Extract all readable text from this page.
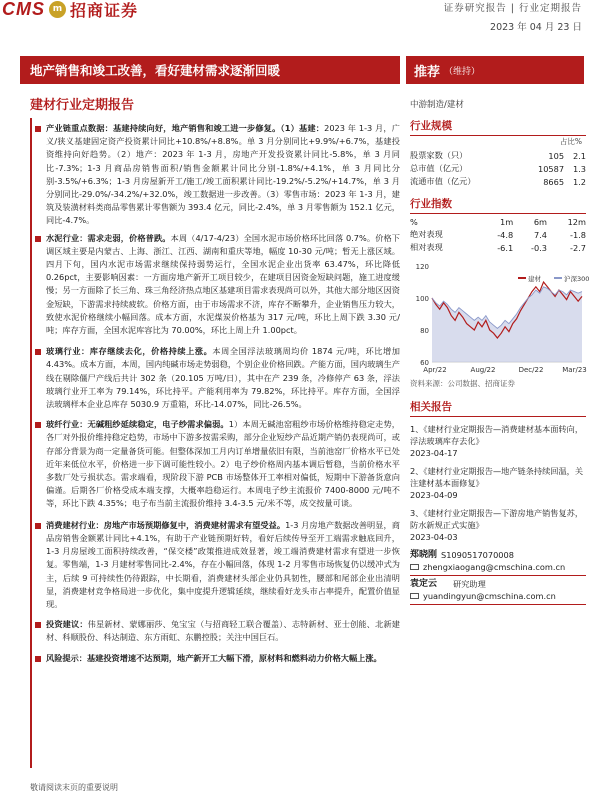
CMS m 招商证券	证券研究报告 | 行业定期报告
2023 年 04 月 23 日
地产销售和竣工改善，看好建材需求逐渐回暖	推荐 （维持）
建材行业定期报告	中游制造/建材
产业链重点数据：基建持续向好，地产销售和竣工进一步修复。（1）基建：2023 年 1-3 月，广义/狭义基建固定资产投资累计同比+10.8%/+8.8%。单 3 月分别同比+9.9%/+6.7%，基建投资维持向好趋势。（2）地产：2023 年 1-3 月，房地产开发投资累计同比-5.8%，单 3 月同比-7.3%；1-3 月商品房销售面积/销售金额累计同比分别-1.8%/+4.1%，单 3 月同比分别-3.5%/+6.3%；1-3 月房屋新开工/施工/竣工面积累计同比-19.2%/-5.2%/+14.7%，单 3 月分别同比-29.0%/-34.2%/+32.0%，竣工数据进一步改善。（3）零售市场：2023 年 1-3 月，建筑及装潢材料类商品零售累计零售额为 393.4 亿元，同比-2.4%，单 3 月零售额为 152.1 亿元，同比-4.7%。
水泥行业：需求走弱，价格普跌。本周（4/17-4/23）全国水泥市场价格环比回落 0.7%。价格下调区域主要是内蒙古、上海、浙江、江西、湖南和重庆等地，幅度 10-30 元/吨；暂无上涨区域。四月下旬，国内水泥市场需求继续保持弱势运行，全国水泥企业出货率 63.47%，环比降低 0.26pct，主要影响因素：一方面房地产新开工项目较少，在建项目因资金短缺问题，施工进度缓慢；另一方面除了长三角、珠三角经济热点地区基建项目需求表现尚可以外，其他大部分地区因资金短缺，下游需求持续疲软。价格方面，由于市场需求不济，库存不断攀升，企业销售压力较大，致使水泥价格继续小幅回落。成本方面，水泥煤炭价格基为 317 元/吨，环比上周下跌 3.30 元/吨；库存方面，全国水泥库容比为 70.00%，环比上周上升 1.00pct。
玻璃行业：库存继续去化，价格持续上涨。本周全国浮法玻璃周均价 1874 元/吨，环比增加 4.43%。成本方面，本周，国内纯碱市场走势弱稳，个别企业价格回跌。产能方面，国内玻璃生产线在剔除僵尸产线后共计 302 条（20.105 万吨/日），其中在产 239 条，冷修停产 63 条，浮法玻璃行业开工率为 79.14%，环比持平。产能利用率为 79.82%，环比持平。库存方面，全国浮法玻璃样本企业总库存 5030.9 万重箱，环比-14.07%，同比-26.5%。
玻纤行业：无碱粗纱延续稳定，电子纱需求偏弱。1）本周无碱池窑粗纱市场价格维持稳定走势，各厂对外报价维持稳定趋势，市场中下游多按需采购，部分企业短纱产品近期产销仍表现尚可，或存部分背景为商一定量备货可能。但整体深加工月内订单增量依旧有限，当前池窑厂价格水平已处近年来低位水平，价格进一步下调可能性较小。2）电子纱价格周内基本调后暂稳，当前价格水平多数厂处亏损状态。需求端看，现阶段下游 PCB 市场整体开工率相对偏低，短期中下游备货意向偏谨。后期各厂价格受成本端支撑，大概率趋稳运行。本周电子纱主流报价 7400-8000 元/吨不等，环比下跌 4.35%；电子布当前主流报价维持 3.4-3.5 元/米不等，成交按量可谈。
消费建材行业：房地产市场预期修复中，消费建材需求有望受益。1-3 月房地产数据改善明显，商品房销售金额累计同比+4.1%，有助于产业链预期好转，看好后续传导至开工端需求触底回升，1-3 月房屋竣工面积持续改善，“保交楼”政策推进成效显著，竣工端消费建材需求有望进一步恢复。零售端，1-3 月建材零售同比-2.4%，存在小幅回落，体现 1-2 月零售市场恢复仍以缓冲式为主，后续 9 可持续性仍待跟踪，中长期看，消费建材头部企业仍具韧性，腰部和尾部企业出清明显，消费建材竞争格局进一步优化，集中度提升逻辑延续，继续看好龙头市占率提升，配置价值显现。
投资建议：伟星新材、蒙娜丽莎、兔宝宝（与招商轻工联合覆盖）、志特新材、亚士创能、北新建材、科顺股份、科达制造、东方雨虹、东鹏控股；关注中国巨石。
风险提示：基建投资增速不达预期，地产新开工大幅下滑，原材料和燃料动力价格大幅上涨。
行业规模
占比%
股票家数（只）	105	2.1
总市值（亿元）	10587	1.3
流通市值（亿元）	8665	1.2
行业指数
%	1m	6m	12m
绝对表现	-4.8	7.4	-1.8
相对表现	-6.1	-0.3	-2.7
60
80
100
120
Apr/22	Aug/22	Dec/22	Mar/23
建材	沪深300
资料来源：公司数据、招商证券
相关报告
1、《建材行业定期报告—消费建材基本面转向，浮法玻璃库存去化》
2023-04-17
2、《建材行业定期报告—地产链条持续回温，关注建材基本面修复》
2023-04-09
3、《建材行业定期报告—下游房地产销售复苏，防水新规正式实施》
2023-04-03
郑晓刚 S1090517070008
zhengxiaogang@cmschina.com.cn
袁定云 研究助理
yuandingyun@cmschina.com.cn
敬请阅读末页的重要说明
